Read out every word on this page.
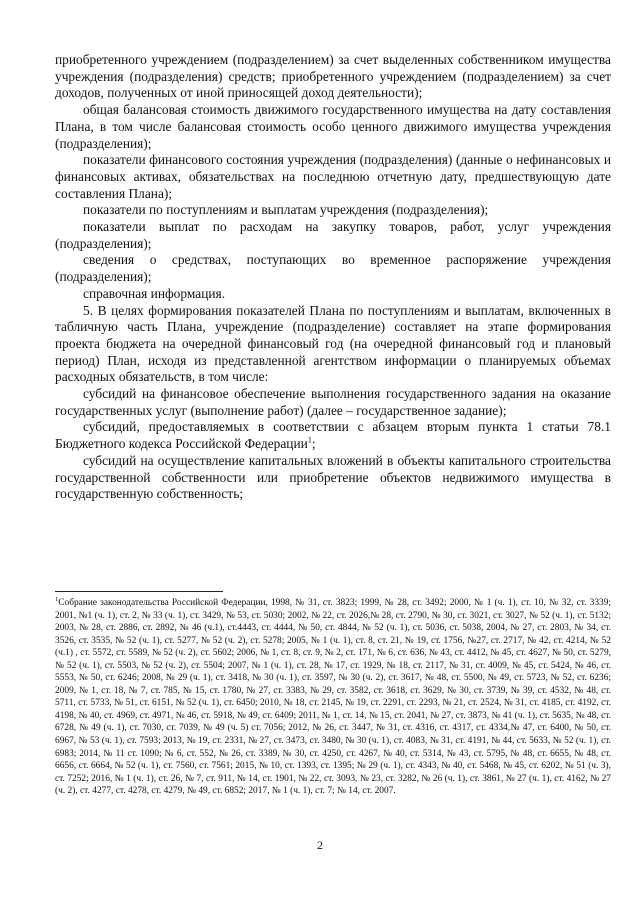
приобретенного учреждением (подразделением) за счет выделенных собственником имущества учреждения (подразделения) средств; приобретенного учреждением (подразделением) за счет доходов, полученных от иной приносящей доход деятельности);

общая балансовая стоимость движимого государственного имущества на дату составления Плана, в том числе балансовая стоимость особо ценного движимого имущества учреждения (подразделения);

показатели финансового состояния учреждения (подразделения) (данные о нефинансовых и финансовых активах, обязательствах на последнюю отчетную дату, предшествующую дате составления Плана);

показатели по поступлениям и выплатам учреждения (подразделения);

показатели выплат по расходам на закупку товаров, работ, услуг учреждения (подразделения);

сведения о средствах, поступающих во временное распоряжение учреждения (подразделения);

справочная информация.

5. В целях формирования показателей Плана по поступлениям и выплатам, включенных в табличную часть Плана, учреждение (подразделение) составляет на этапе формирования проекта бюджета на очередной финансовый год (на очередной финансовый год и плановый период) План, исходя из представленной агентством информации о планируемых объемах расходных обязательств, в том числе:

субсидий на финансовое обеспечение выполнения государственного задания на оказание государственных услуг (выполнение работ) (далее – государственное задание);

субсидий, предоставляемых в соответствии с абзацем вторым пункта 1 статьи 78.1 Бюджетного кодекса Российской Федерации$^1$;

субсидий на осуществление капитальных вложений в объекты капитального строительства государственной собственности или приобретение объектов недвижимого имущества в государственную собственность;

$^1$Собрание законодательства Российской Федерации, 1998, № 31, ст. 3823; 1999, № 28, ст. 3492; 2000, № 1 (ч. 1), ст. 10, № 32, ст. 3339; 2001, №1 (ч. 1), ст. 2, № 33 (ч. 1), ст. 3429, № 53, ст. 5030; 2002, № 22, ст. 2026,№ 28, ст. 2790, № 30, ст. 3021, ст. 3027, № 52 (ч. 1), ст. 5132; 2003, № 28, ст. 2886, ст. 2892, № 46 (ч.1), ст.4443, ст. 4444, № 50, ст. 4844, № 52 (ч. 1), ст. 5036, ст. 5038, 2004, № 27, ст. 2803, № 34, ст. 3526, ст. 3535, № 52 (ч. 1), ст. 5277, № 52 (ч. 2), ст. 5278; 2005, № 1 (ч. 1), ст. 8, ст. 21, № 19, ст. 1756, №27, ст. 2717, № 42, ст. 4214, № 52 (ч.1) , ст. 5572, ст. 5589, № 52 (ч. 2), ст. 5602; 2006, № 1, ст. 8, ст. 9, № 2, ст. 171, № 6, ст. 636, № 43, ст. 4412, № 45, ст. 4627, № 50, ст. 5279, № 52 (ч. 1), ст. 5503, № 52 (ч. 2), ст. 5504; 2007, № 1 (ч. 1), ст. 28, № 17, ст. 1929, № 18, ст. 2117, № 31, ст. 4009, № 45, ст. 5424, № 46, ст. 5553, № 50, ст. 6246; 2008, № 29 (ч. 1), ст. 3418, № 30 (ч. 1), ст. 3597, № 30 (ч. 2), ст. 3617, № 48, ст. 5500, № 49, ст. 5723, № 52, ст. 6236; 2009, № 1, ст. 18, № 7, ст. 785, № 15, ст. 1780, № 27, ст. 3383, № 29, ст. 3582, ст. 3618, ст. 3629, № 30, ст. 3739, № 39, ст. 4532, № 48, ст. 5711, ст. 5733, № 51, ст. 6151, № 52 (ч. 1), ст. 6450; 2010, № 18, ст. 2145, № 19, ст. 2291, ст. 2293, № 21, ст. 2524, № 31, ст. 4185, ст. 4192, ст. 4198, № 40, ст. 4969, ст. 4971, № 46, ст. 5918, № 49, ст. 6409; 2011, № 1, ст. 14, № 15, ст. 2041, № 27, ст. 3873, № 41 (ч. 1), ст. 5635, № 48, ст. 6728, № 49 (ч. 1), ст. 7030, ст. 7039, № 49 (ч. 5) ст. 7056; 2012, № 26, ст. 3447, № 31, ст. 4316, ст. 4317, ст. 4334,№ 47, ст. 6400, № 50, ст. 6967, № 53 (ч. 1), ст. 7593; 2013, № 19, ст. 2331, № 27, ст. 3473, ст. 3480, № 30 (ч. 1), ст. 4083, № 31, ст. 4191, № 44, ст. 5633, № 52 (ч. 1), ст. 6983; 2014, № 11 ст. 1090; № 6, ст. 552, № 26, ст. 3389, № 30, ст. 4250, ст. 4267, № 40, ст. 5314, № 43, ст. 5795, № 48, ст. 6655, № 48, ст. 6656, ст. 6664, № 52 (ч. 1), ст. 7560, ст. 7561; 2015, № 10, ст. 1393, ст. 1395; № 29 (ч. 1), ст. 4343, № 40, ст. 5468, № 45, ст. 6202, № 51 (ч. 3), ст. 7252; 2016, № 1 (ч. 1), ст. 26, № 7, ст. 911, № 14, ст. 1901, № 22, ст. 3093, № 23, ст. 3282, № 26 (ч. 1), ст. 3861, № 27 (ч. 1), ст. 4162, № 27 (ч. 2), ст. 4277, ст. 4278, ст. 4279, № 49, ст. 6852; 2017, № 1 (ч. 1), ст. 7; № 14, ст. 2007.
2
